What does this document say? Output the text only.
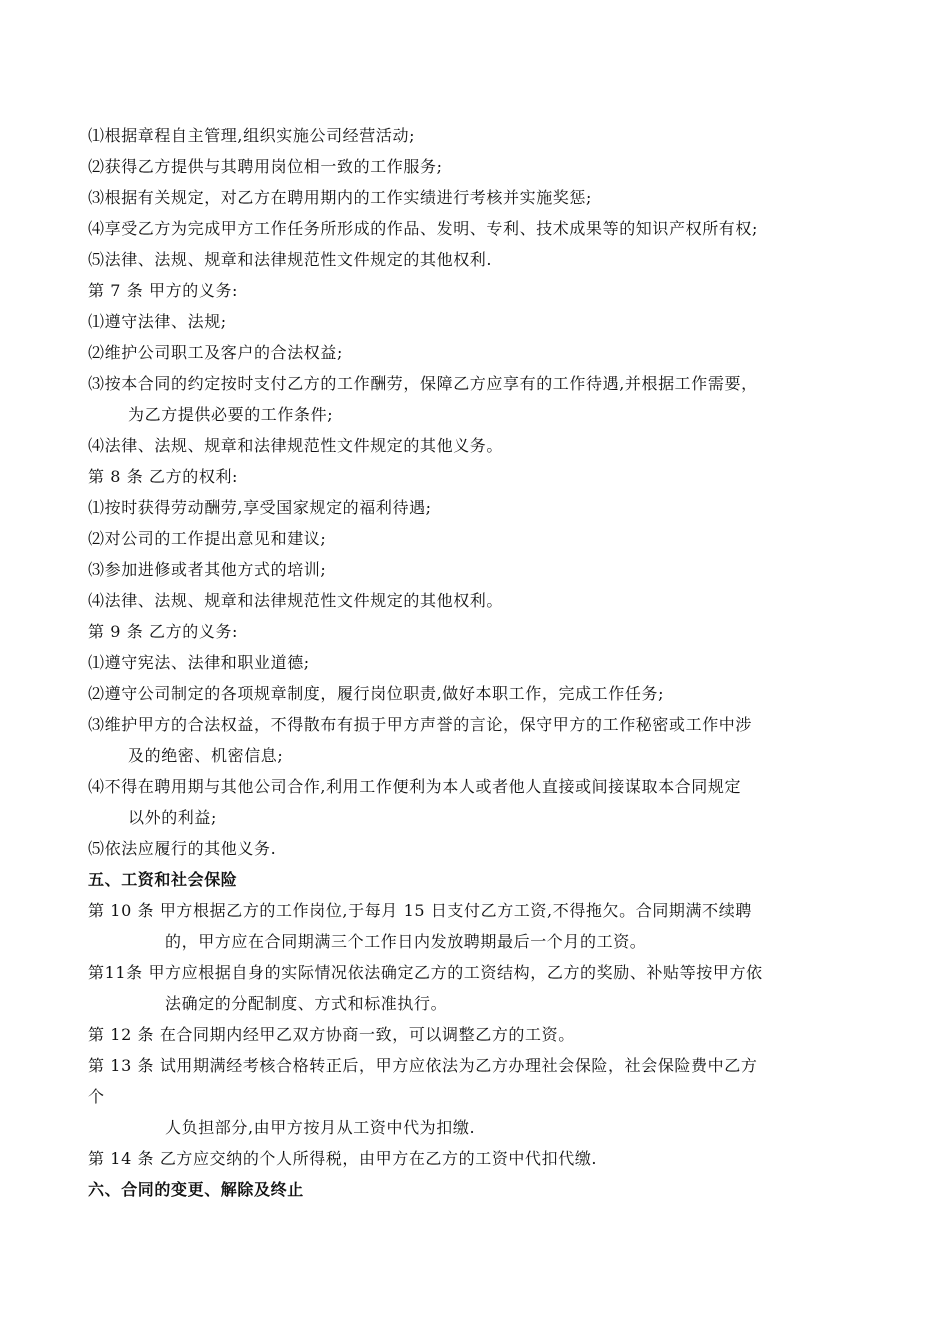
⑴根据章程自主管理,组织实施公司经营活动;
⑵获得乙方提供与其聘用岗位相一致的工作服务;
⑶根据有关规定，对乙方在聘用期内的工作实绩进行考核并实施奖惩;
⑷享受乙方为完成甲方工作任务所形成的作品、发明、专利、技术成果等的知识产权所有权;
⑸法律、法规、规章和法律规范性文件规定的其他权利.
第 7 条 甲方的义务:
⑴遵守法律、法规;
⑵维护公司职工及客户的合法权益;
⑶按本合同的约定按时支付乙方的工作酬劳，保障乙方应享有的工作待遇,并根据工作需要，
为乙方提供必要的工作条件;
⑷法律、法规、规章和法律规范性文件规定的其他义务。
第 8 条 乙方的权利:
⑴按时获得劳动酬劳,享受国家规定的福利待遇;
⑵对公司的工作提出意见和建议;
⑶参加进修或者其他方式的培训;
⑷法律、法规、规章和法律规范性文件规定的其他权利。
第 9 条 乙方的义务:
⑴遵守宪法、法律和职业道德;
⑵遵守公司制定的各项规章制度，履行岗位职责,做好本职工作，完成工作任务;
⑶维护甲方的合法权益，不得散布有损于甲方声誉的言论，保守甲方的工作秘密或工作中涉
及的绝密、机密信息;
⑷不得在聘用期与其他公司合作,利用工作便利为本人或者他人直接或间接谋取本合同规定
以外的利益;
⑸依法应履行的其他义务.
五、工资和社会保险
第 10 条 甲方根据乙方的工作岗位,于每月 15 日支付乙方工资,不得拖欠。合同期满不续聘
的，甲方应在合同期满三个工作日内发放聘期最后一个月的工资。
第11条 甲方应根据自身的实际情况依法确定乙方的工资结构，乙方的奖励、补贴等按甲方依
法确定的分配制度、方式和标准执行。
第 12 条 在合同期内经甲乙双方协商一致，可以调整乙方的工资。
第 13 条 试用期满经考核合格转正后，甲方应依法为乙方办理社会保险，社会保险费中乙方
个
人负担部分,由甲方按月从工资中代为扣缴.
第 14 条 乙方应交纳的个人所得税，由甲方在乙方的工资中代扣代缴.
六、合同的变更、解除及终止
